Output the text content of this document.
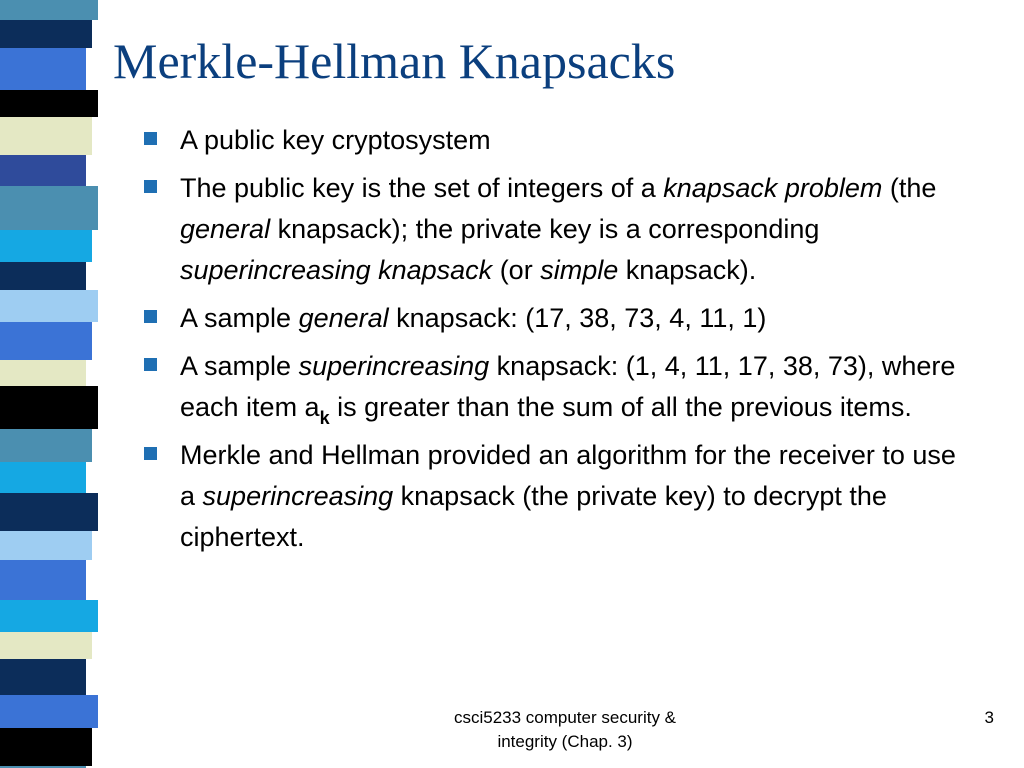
Merkle-Hellman Knapsacks
A public key cryptosystem
The public key is the set of integers of a knapsack problem (the general knapsack); the private key is a corresponding superincreasing knapsack (or simple knapsack).
A sample general knapsack: (17, 38, 73, 4, 11, 1)
A sample superincreasing knapsack: (1, 4, 11, 17, 38, 73), where each item $a_k$ is greater than the sum of all the previous items.
Merkle and Hellman provided an algorithm for the receiver to use a superincreasing knapsack (the private key) to decrypt the ciphertext.
csci5233 computer security &
integrity (Chap. 3)
3
